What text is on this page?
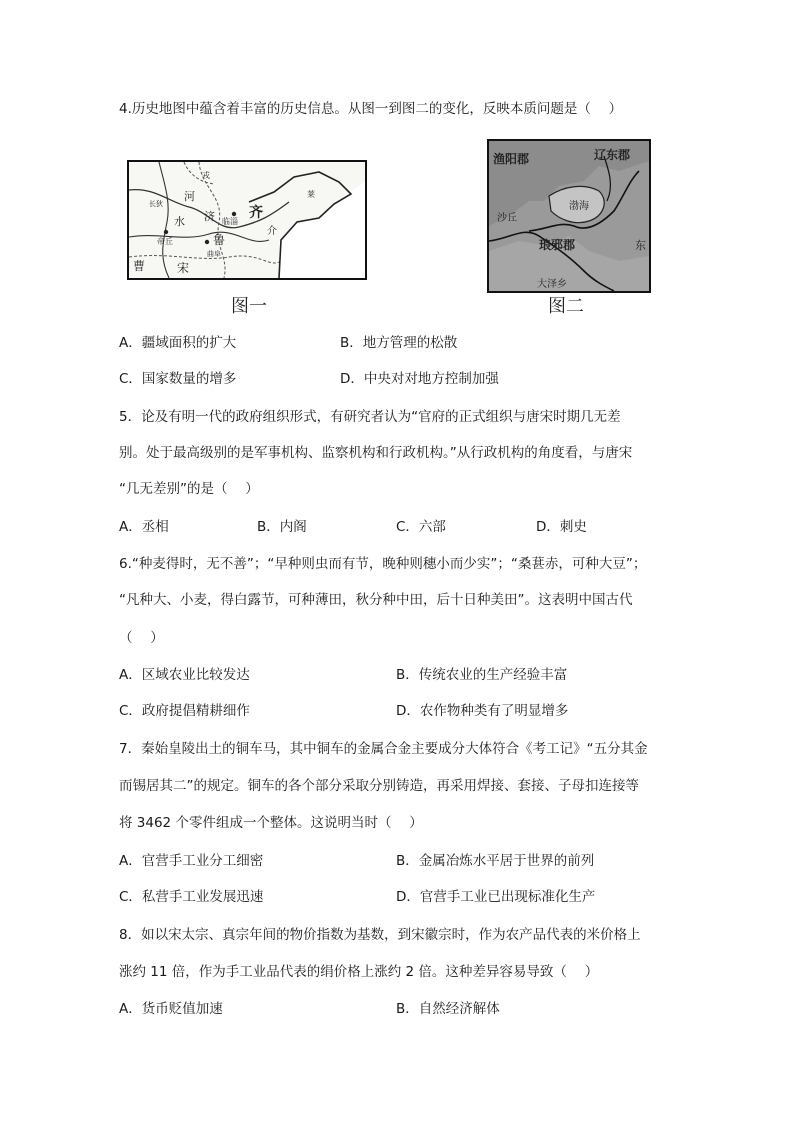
4.历史地图中蕴含着丰富的历史信息。从图一到图二的变化，反映本质问题是（　 ）
戎
长狄
河
水
帝丘
济 临淄
齐
莱
鲁
曲阜
曹	宋
介
图一
渔阳郡	辽东郡
渤海
沙丘
琅邪郡	东
大泽乡
图二
A．疆域面积的扩大	B．地方管理的松散
C．国家数量的增多	D．中央对对地方控制加强
5．论及有明一代的政府组织形式，有研究者认为“官府的正式组织与唐宋时期几无差
别。处于最高级别的是军事机构、监察机构和行政机构。”从行政机构的角度看，与唐宋
“几无差别”的是（　 ）
A．丞相	B．内阁	C．六部	D．刺史
6.“种麦得时，无不善”；“早种则虫而有节，晚种则穗小而少实”；“桑葚赤，可种大豆”；
“凡种大、小麦，得白露节，可种薄田，秋分种中田，后十日种美田”。这表明中国古代
（　 ）
A．区域农业比较发达	B．传统农业的生产经验丰富
C．政府提倡精耕细作	D．农作物种类有了明显增多
7．秦始皇陵出土的铜车马，其中铜车的金属合金主要成分大体符合《考工记》“五分其金
而锡居其二”的规定。铜车的各个部分采取分别铸造，再采用焊接、套接、子母扣连接等
将 3462 个零件组成一个整体。这说明当时（　 ）
A．官营手工业分工细密	B．金属冶炼水平居于世界的前列
C．私营手工业发展迅速	D．官营手工业已出现标准化生产
8．如以宋太宗、真宗年间的物价指数为基数，到宋徽宗时，作为农产品代表的米价格上
涨约 11 倍，作为手工业品代表的绢价格上涨约 2 倍。这种差异容易导致（　 ）
A．货币贬值加速	B．自然经济解体
